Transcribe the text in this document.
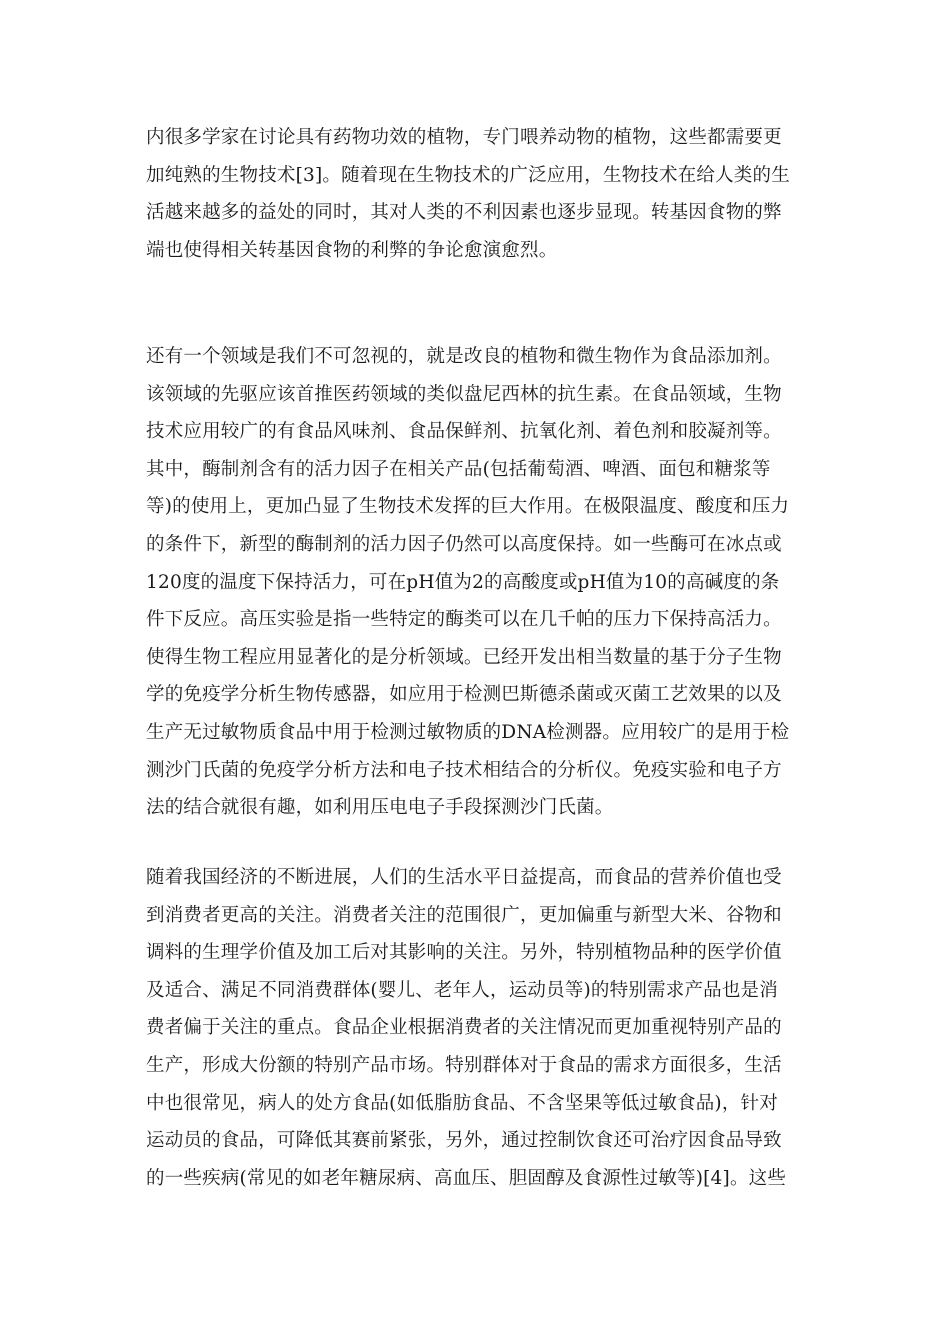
内很多学家在讨论具有药物功效的植物，专门喂养动物的植物，这些都需要更
加纯熟的生物技术[3]。随着现在生物技术的广泛应用，生物技术在给人类的生
活越来越多的益处的同时，其对人类的不利因素也逐步显现。转基因食物的弊
端也使得相关转基因食物的利弊的争论愈演愈烈。

还有一个领域是我们不可忽视的，就是改良的植物和微生物作为食品添加剂。
该领域的先驱应该首推医药领域的类似盘尼西林的抗生素。在食品领域，生物
技术应用较广的有食品风味剂、食品保鲜剂、抗氧化剂、着色剂和胶凝剂等。
其中，酶制剂含有的活力因子在相关产品(包括葡萄酒、啤酒、面包和糖浆等
等)的使用上，更加凸显了生物技术发挥的巨大作用。在极限温度、酸度和压力
的条件下，新型的酶制剂的活力因子仍然可以高度保持。如一些酶可在冰点或
120度的温度下保持活力，可在pH值为2的高酸度或pH值为10的高碱度的条
件下反应。高压实验是指一些特定的酶类可以在几千帕的压力下保持高活力。
使得生物工程应用显著化的是分析领域。已经开发出相当数量的基于分子生物
学的免疫学分析生物传感器，如应用于检测巴斯德杀菌或灭菌工艺效果的以及
生产无过敏物质食品中用于检测过敏物质的DNA检测器。应用较广的是用于检
测沙门氏菌的免疫学分析方法和电子技术相结合的分析仪。免疫实验和电子方
法的结合就很有趣，如利用压电电子手段探测沙门氏菌。

随着我国经济的不断进展，人们的生活水平日益提高，而食品的营养价值也受
到消费者更高的关注。消费者关注的范围很广，更加偏重与新型大米、谷物和
调料的生理学价值及加工后对其影响的关注。另外，特别植物品种的医学价值
及适合、满足不同消费群体(婴儿、老年人，运动员等)的特别需求产品也是消
费者偏于关注的重点。食品企业根据消费者的关注情况而更加重视特别产品的
生产，形成大份额的特别产品市场。特别群体对于食品的需求方面很多，生活
中也很常见，病人的处方食品(如低脂肪食品、不含坚果等低过敏食品)，针对
运动员的食品，可降低其赛前紧张，另外，通过控制饮食还可治疗因食品导致
的一些疾病(常见的如老年糖尿病、高血压、胆固醇及食源性过敏等)[4]。这些
